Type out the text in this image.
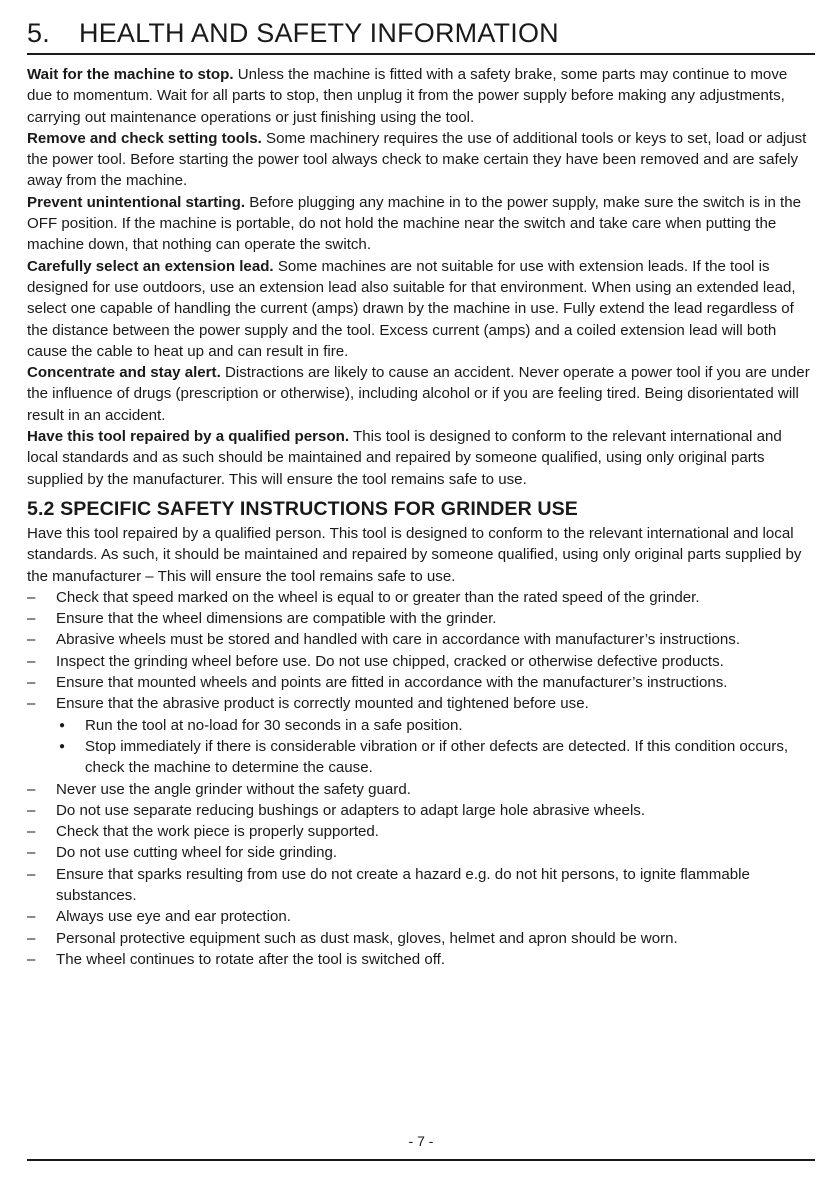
5.	HEALTH AND SAFETY INFORMATION

Wait for the machine to stop. Unless the machine is fitted with a safety brake, some parts may continue to move due to momentum. Wait for all parts to stop, then unplug it from the power supply before making any adjustments, carrying out maintenance operations or just finishing using the tool.

Remove and check setting tools. Some machinery requires the use of additional tools or keys to set, load or adjust the power tool. Before starting the power tool always check to make certain they have been removed and are safely away from the machine.

Prevent unintentional starting. Before plugging any machine in to the power supply, make sure the switch is in the OFF position. If the machine is portable, do not hold the machine near the switch and take care when putting the machine down, that nothing can operate the switch.

Carefully select an extension lead. Some machines are not suitable for use with extension leads. If the tool is designed for use outdoors, use an extension lead also suitable for that environment. When using an extended lead, select one capable of handling the current (amps) drawn by the machine in use. Fully extend the lead regardless of the distance between the power supply and the tool. Excess current (amps) and a coiled extension lead will both cause the cable to heat up and can result in fire.

Concentrate and stay alert. Distractions are likely to cause an accident. Never operate a power tool if you are under the influence of drugs (prescription or otherwise), including alcohol or if you are feeling tired. Being disorientated will result in an accident.

Have this tool repaired by a qualified person. This tool is designed to conform to the relevant international and local standards and as such should be maintained and repaired by someone qualified, using only original parts supplied by the manufacturer. This will ensure the tool remains safe to use.

5.2 SPECIFIC SAFETY INSTRUCTIONS FOR GRINDER USE

Have this tool repaired by a qualified person. This tool is designed to conform to the relevant international and local standards. As such, it should be maintained and repaired by someone qualified, using only original parts supplied by the manufacturer – This will ensure the tool remains safe to use.

– Check that speed marked on the wheel is equal to or greater than the rated speed of the grinder.
– Ensure that the wheel dimensions are compatible with the grinder.
– Abrasive wheels must be stored and handled with care in accordance with manufacturer’s instructions.
– Inspect the grinding wheel before use. Do not use chipped, cracked or otherwise defective products.
– Ensure that mounted wheels and points are fitted in accordance with the manufacturer’s instructions.
– Ensure that the abrasive product is correctly mounted and tightened before use.
● Run the tool at no-load for 30 seconds in a safe position.
● Stop immediately if there is considerable vibration or if other defects are detected. If this condition occurs, check the machine to determine the cause.
– Never use the angle grinder without the safety guard.
– Do not use separate reducing bushings or adapters to adapt large hole abrasive wheels.
– Check that the work piece is properly supported.
– Do not use cutting wheel for side grinding.
– Ensure that sparks resulting from use do not create a hazard e.g. do not hit persons, to ignite flammable substances.
– Always use eye and ear protection.
– Personal protective equipment such as dust mask, gloves, helmet and apron should be worn.
– The wheel continues to rotate after the tool is switched off.
- 7 -
